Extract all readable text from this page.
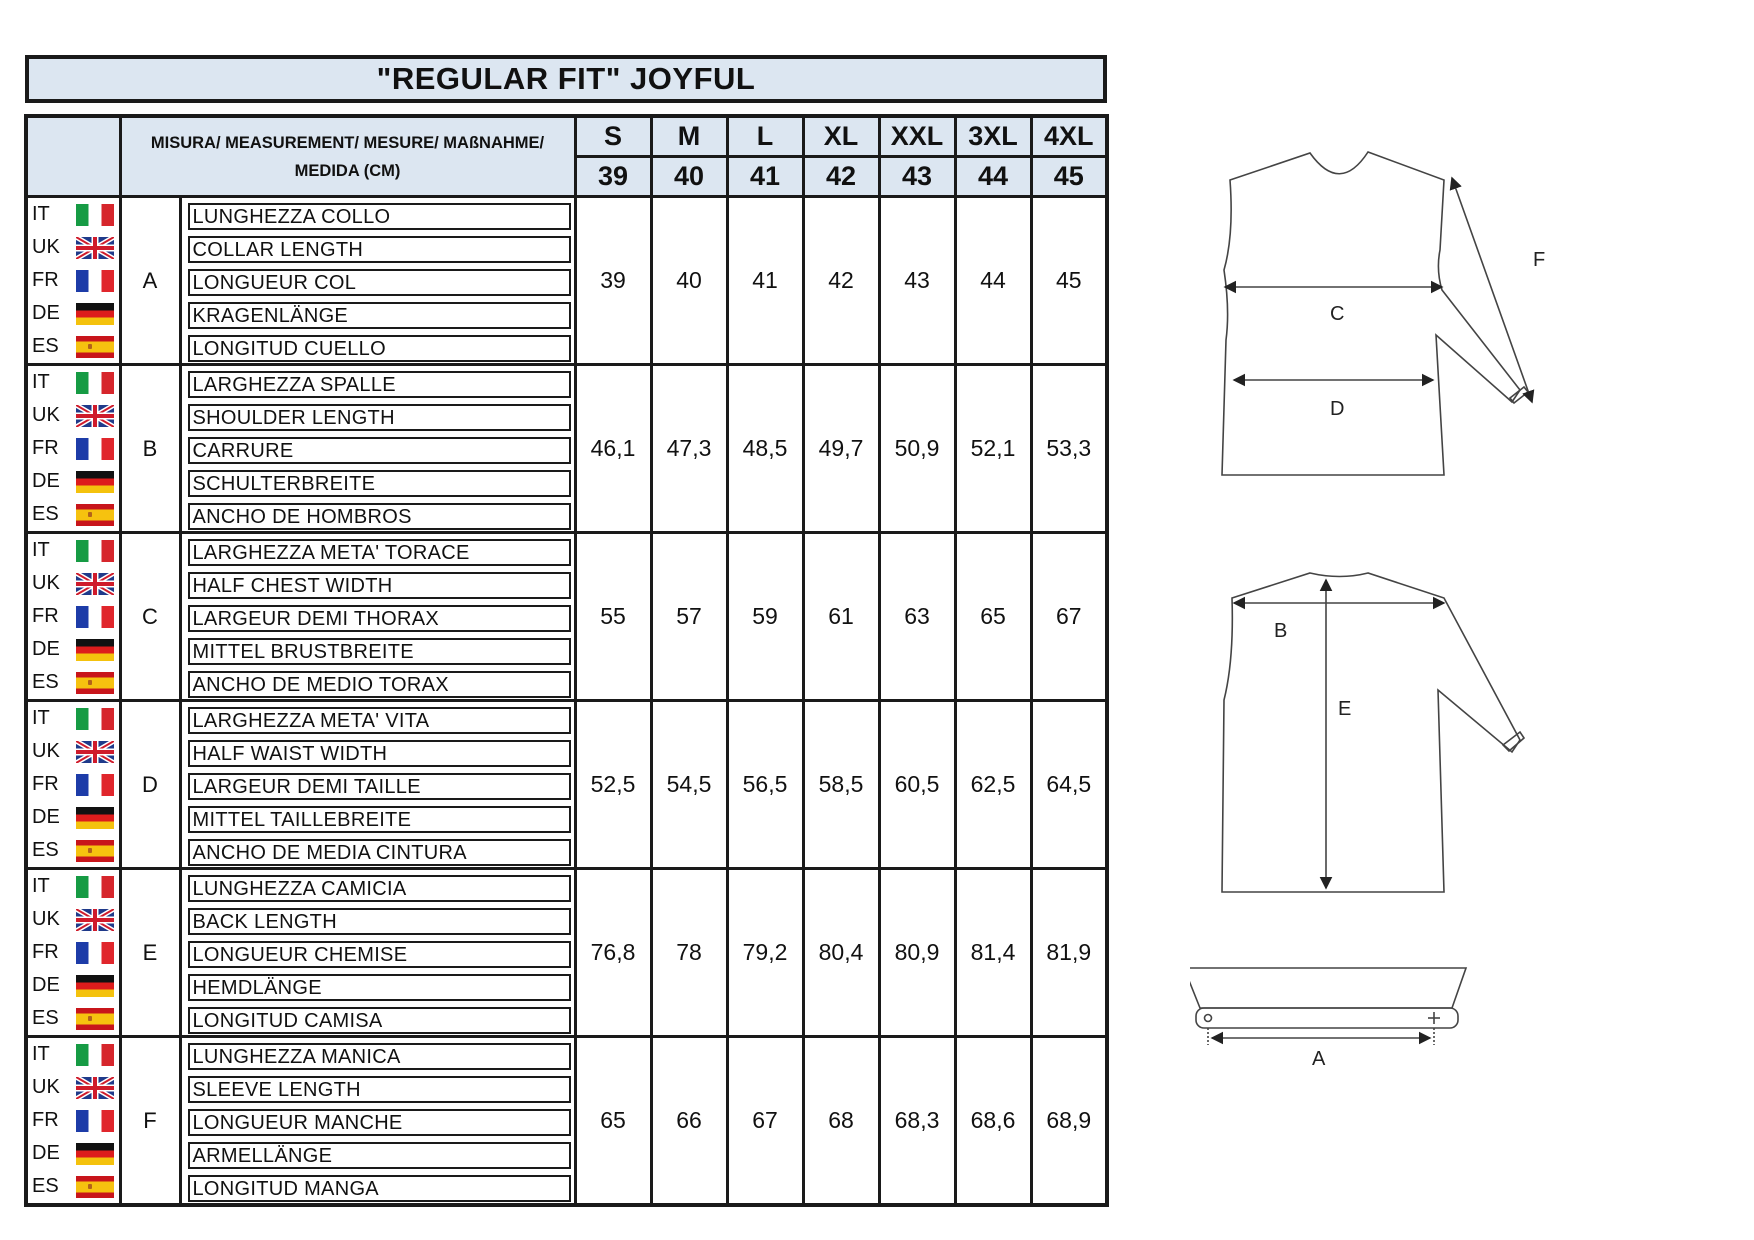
"REGULAR FIT" JOYFUL
	MISURA/ MEASUREMENT/ MESURE/ MAßNAHME/ MEDIDA (CM)		S	M	L	XL	XXL	3XL	4XL
			39	40	41	42	43	44	45

IT	A	LUNGHEZZA COLLO	39	40	41	42	43	44	45

UK		COLLAR LENGTH							

FR		LONGUEUR COL							

DE		KRAGENLÄNGE							

ES		LONGITUD CUELLO							

IT	B	LARGHEZZA SPALLE	46,1	47,3	48,5	49,7	50,9	52,1	53,3

UK		SHOULDER LENGTH							

FR		CARRURE							

DE		SCHULTERBREITE							

ES		ANCHO DE HOMBROS							

IT	C	LARGHEZZA META' TORACE	55	57	59	61	63	65	67

UK		HALF CHEST WIDTH							

FR		LARGEUR DEMI THORAX							

DE		MITTEL BRUSTBREITE							

ES		ANCHO DE MEDIO TORAX							

IT	D	LARGHEZZA META' VITA	52,5	54,5	56,5	58,5	60,5	62,5	64,5

UK		HALF WAIST WIDTH							

FR		LARGEUR DEMI TAILLE							

DE		MITTEL TAILLEBREITE							

ES		ANCHO DE MEDIA CINTURA							

IT	E	LUNGHEZZA CAMICIA	76,8	78	79,2	80,4	80,9	81,4	81,9

UK		BACK LENGTH							

FR		LONGUEUR CHEMISE							

DE		HEMDLÄNGE							

ES		LONGITUD CAMISA							

IT	F	LUNGHEZZA MANICA	65	66	67	68	68,3	68,6	68,9

UK		SLEEVE LENGTH							

FR		LONGUEUR MANCHE							

DE		ARMELLÄNGE							

ES		LONGITUD MANGA							
F
C
D
B
E
A
